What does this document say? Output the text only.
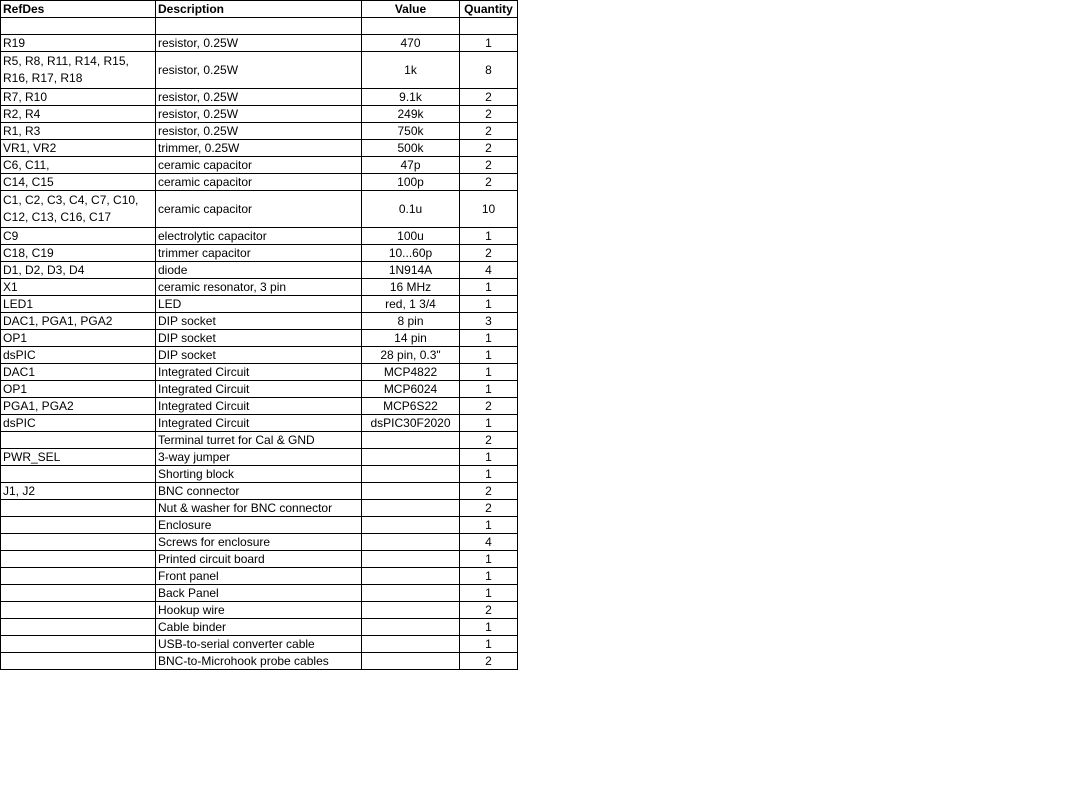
RefDes	Description	Value	Quantity

R19	resistor, 0.25W	470	1
R5, R8, R11, R14, R15, R16, R17, R18	resistor, 0.25W	1k	8
R7, R10	resistor, 0.25W	9.1k	2
R2, R4	resistor, 0.25W	249k	2
R1, R3	resistor, 0.25W	750k	2
VR1, VR2	trimmer, 0.25W	500k	2
C6, C11,	ceramic capacitor	47p	2
C14, C15	ceramic capacitor	100p	2
C1, C2, C3, C4, C7, C10, C12, C13, C16, C17	ceramic capacitor	0.1u	10
C9	electrolytic capacitor	100u	1
C18, C19	trimmer capacitor	10...60p	2
D1, D2, D3, D4	diode	1N914A	4
X1	ceramic resonator, 3 pin	16 MHz	1
LED1	LED	red, 1 3/4	1
DAC1, PGA1, PGA2	DIP socket	8 pin	3
OP1	DIP socket	14 pin	1
dsPIC	DIP socket	28 pin, 0.3"	1
DAC1	Integrated Circuit	MCP4822	1
OP1	Integrated Circuit	MCP6024	1
PGA1, PGA2	Integrated Circuit	MCP6S22	2
dsPIC	Integrated Circuit	dsPIC30F2020	1
	Terminal turret for Cal & GND		2
PWR_SEL	3-way jumper		1
	Shorting block		1
J1, J2	BNC connector		2
	Nut & washer for BNC connector		2
	Enclosure		1
	Screws for enclosure		4
	Printed circuit board		1
	Front panel		1
	Back Panel		1
	Hookup wire		2
	Cable binder		1
	USB-to-serial converter cable		1
	BNC-to-Microhook probe cables		2
